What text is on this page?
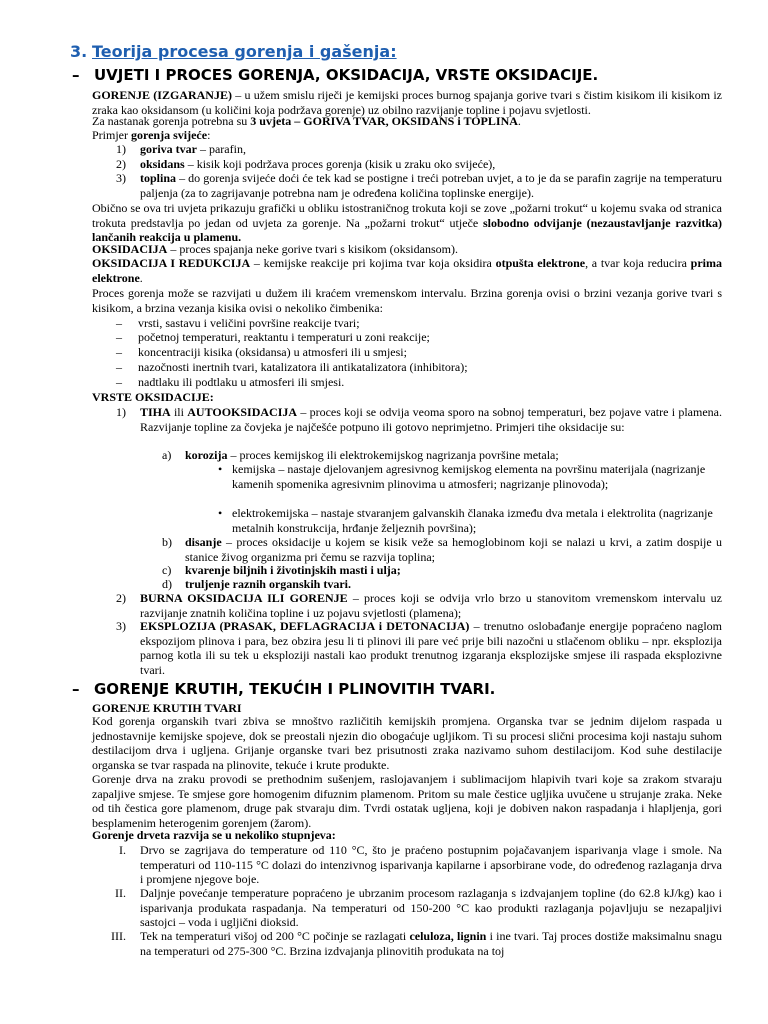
3. Teorija procesa gorenja i gašenja:
– UVJETI I PROCES GORENJA, OKSIDACIJA, VRSTE OKSIDACIJE.
GORENJE (IZGARANJE) – u užem smislu riječi je kemijski proces burnog spajanja gorive tvari s čistim kisikom ili kisikom iz zraka kao oksidansom (u količini koja podržava gorenje) uz obilno razvijanje topline i pojavu svjetlosti.
Za nastanak gorenja potrebna su 3 uvjeta – GORIVA TVAR, OKSIDANS i TOPLINA.
Primjer gorenja svijeće:
1) goriva tvar – parafin,
2) oksidans – kisik koji podržava proces gorenja (kisik u zraku oko svijeće),
3) toplina – do gorenja svijeće doći će tek kad se postigne i treći potreban uvjet, a to je da se parafin zagrije na temperaturu paljenja (za to zagrijavanje potrebna nam je određena količina toplinske energije).
Obično se ova tri uvjeta prikazuju grafički u obliku istostraničnog trokuta koji se zove „požarni trokut“ u kojemu svaka od stranica trokuta predstavlja po jedan od uvjeta za gorenje. Na „požarni trokut“ utječe slobodno odvijanje (nezaustavljanje razvitka) lančanih reakcija u plamenu.
OKSIDACIJA – proces spajanja neke gorive tvari s kisikom (oksidansom).
OKSIDACIJA I REDUKCIJA – kemijske reakcije pri kojima tvar koja oksidira otpušta elektrone, a tvar koja reducira prima elektrone.
Proces gorenja može se razvijati u dužem ili kraćem vremenskom intervalu. Brzina gorenja ovisi o brzini vezanja gorive tvari s kisikom, a brzina vezanja kisika ovisi o nekoliko čimbenika:
– vrsti, sastavu i veličini površine reakcije tvari;
– početnoj temperaturi, reaktantu i temperaturi u zoni reakcije;
– koncentraciji kisika (oksidansa) u atmosferi ili u smjesi;
– nazočnosti inertnih tvari, katalizatora ili antikatalizatora (inhibitora);
– nadtlaku ili podtlaku u atmosferi ili smjesi.
VRSTE OKSIDACIJE:
1) TIHA ili AUTOOKSIDACIJA – proces koji se odvija veoma sporo na sobnoj temperaturi, bez pojave vatre i plamena. Razvijanje topline za čovjeka je najčešće potpuno ili gotovo neprimjetno. Primjeri tihe oksidacije su:
a) korozija – proces kemijskog ili elektrokemijskog nagrizanja površine metala;
• kemijska – nastaje djelovanjem agresivnog kemijskog elementa na površinu materijala (nagrizanje kamenih spomenika agresivnim plinovima u atmosferi; nagrizanje plinovoda);
• elektrokemijska – nastaje stvaranjem galvanskih članaka između dva metala i elektrolita (nagrizanje metalnih konstrukcija, hrđanje željeznih površina);
b) disanje – proces oksidacije u kojem se kisik veže sa hemoglobinom koji se nalazi u krvi, a zatim dospije u stanice živog organizma pri čemu se razvija toplina;
c) kvarenje biljnih i životinjskih masti i ulja;
d) truljenje raznih organskih tvari.
2) BURNA OKSIDACIJA ILI GORENJE – proces koji se odvija vrlo brzo u stanovitom vremenskom intervalu uz razvijanje znatnih količina topline i uz pojavu svjetlosti (plamena);
3) EKSPLOZIJA (PRASAK, DEFLAGRACIJA i DETONACIJA) – trenutno oslobađanje energije popraćeno naglom ekspozijom plinova i para, bez obzira jesu li ti plinovi ili pare već prije bili nazočni u stlačenom obliku – npr. eksplozija parnog kotla ili su tek u eksploziji nastali kao produkt trenutnog izgaranja eksplozijske smjese ili raspada eksplozivne tvari.
– GORENJE KRUTIH, TEKUĆIH I PLINOVITIH TVARI.
GORENJE KRUTIH TVARI
Kod gorenja organskih tvari zbiva se mnoštvo različitih kemijskih promjena. Organska tvar se jednim dijelom raspada u jednostavnije kemijske spojeve, dok se preostali njezin dio obogaćuje ugljikom. Ti su procesi slični procesima koji nastaju suhom destilacijom drva i ugljena. Grijanje organske tvari bez prisutnosti zraka nazivamo suhom destilacijom. Kod suhe destilacije organska se tvar raspada na plinovite, tekuće i krute produkte.
Gorenje drva na zraku provodi se prethodnim sušenjem, raslojavanjem i sublimacijom hlapivih tvari koje sa zrakom stvaraju zapaljive smjese. Te smjese gore homogenim difuznim plamenom. Pritom su male čestice ugljika uvučene u strujanje zraka. Neke od tih čestica gore plamenom, druge pak stvaraju dim. Tvrdi ostatak ugljena, koji je dobiven nakon raspadanja i hlapljenja, gori besplamenim heterogenim gorenjem (žarom).
Gorenje drveta razvija se u nekoliko stupnjeva:
I. Drvo se zagrijava do temperature od 110 °C, što je praćeno postupnim pojačavanjem isparivanja vlage i smole. Na temperaturi od 110-115 °C dolazi do intenzivnog isparivanja kapilarne i apsorbirane vode, do određenog razlaganja drva i promjene njegove boje.
II. Daljnje povećanje temperature popraćeno je ubrzanim procesom razlaganja s izdvajanjem topline (do 62.8 kJ/kg) kao i isparivanja produkata raspadanja. Na temperaturi od 150-200 °C kao produkti razlaganja pojavljuju se nezapaljivi sastojci – voda i ugljični dioksid.
III. Tek na temperaturi višoj od 200 °C počinje se razlagati celuloza, lignin i ine tvari. Taj proces dostiže maksimalnu snagu na temperaturi od 275-300 °C. Brzina izdvajanja plinovitih produkata na toj
